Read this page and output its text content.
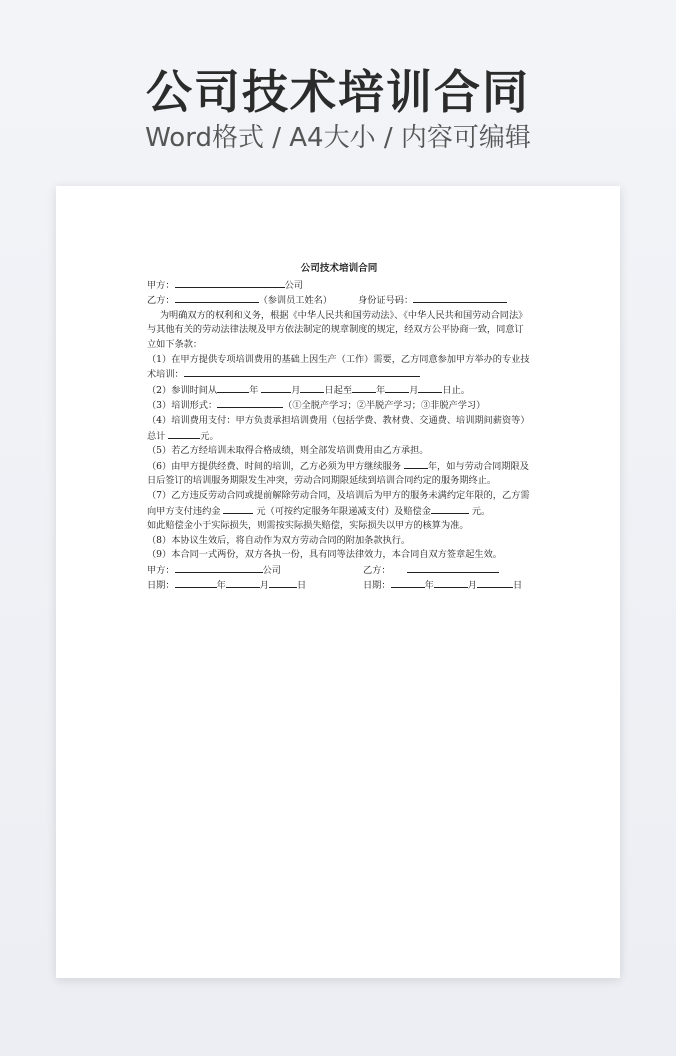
公司技术培训合同
Word格式 / A4大小 / 内容可编辑
公司技术培训合同
甲方：	公司
乙方：	（参训员工姓名）	身份证号码：
为明确双方的权利和义务，根据《中华人民共和国劳动法》、《中华人民共和国劳动合同法》与其他有关的劳动法律法规及甲方依法制定的规章制度的规定，经双方公平协商一致，同意订立如下条款：
（1）在甲方提供专项培训费用的基础上因生产（工作）需要，乙方同意参加甲方举办的专业技术培训：
（2）参训时间从	年	月	日起至	年	月	日止。
（3）培训形式：	（①全脱产学习；②半脱产学习；③非脱产学习）
（4）培训费用支付：甲方负责承担培训费用（包括学费、教材费、交通费、培训期间薪资等）总计	元。
（5）若乙方经培训未取得合格成绩，则全部发培训费用由乙方承担。
（6）由甲方提供经费、时间的培训，乙方必须为甲方继续服务	年，如与劳动合同期限及日后签订的培训服务期限发生冲突，劳动合同期限延续到培训合同约定的服务期终止。
（7）乙方违反劳动合同或提前解除劳动合同，及培训后为甲方的服务未满约定年限的，乙方需向甲方支付违约金	元（可按约定服务年限递减支付）及赔偿金	元。
如此赔偿金小于实际损失，则需按实际损失赔偿，实际损失以甲方的核算为准。
（8）本协议生效后，将自动作为双方劳动合同的附加条款执行。
（9）本合同一式两份，双方各执一份，具有同等法律效力，本合同自双方签章起生效。
甲方：	公司	乙方：
日期：	年	月	日	日期：	年	月	日
